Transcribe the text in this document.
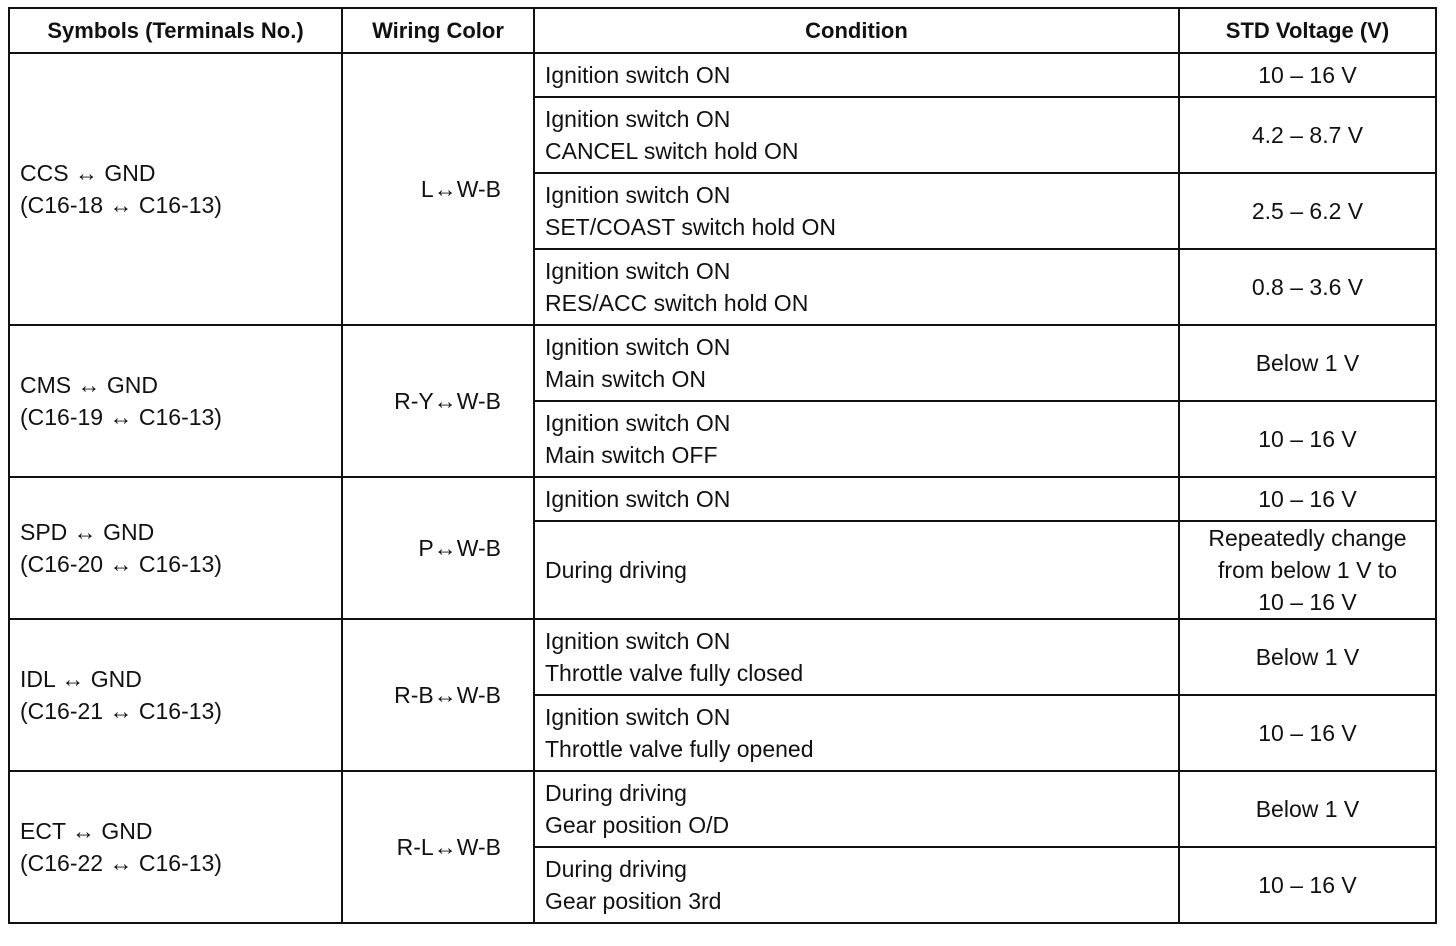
Symbols (Terminals No.)	Wiring Color	Condition	STD Voltage (V)

CCS ↔ GND
(C16-18 ↔ C16-13)	L↔W-B	Ignition switch ON	10 – 16 V

		Ignition switch ON
CANCEL switch hold ON	4.2 – 8.7 V

		Ignition switch ON
SET/COAST switch hold ON	2.5 – 6.2 V

		Ignition switch ON
RES/ACC switch hold ON	0.8 – 3.6 V

CMS ↔ GND
(C16-19 ↔ C16-13)	R-Y↔W-B	Ignition switch ON
Main switch ON	Below 1 V

		Ignition switch ON
Main switch OFF	10 – 16 V

SPD ↔ GND
(C16-20 ↔ C16-13)	P↔W-B	Ignition switch ON	10 – 16 V

		During driving	Repeatedly change
from below 1 V to
10 – 16 V

IDL ↔ GND
(C16-21 ↔ C16-13)	R-B↔W-B	Ignition switch ON
Throttle valve fully closed	Below 1 V

		Ignition switch ON
Throttle valve fully opened	10 – 16 V

ECT ↔ GND
(C16-22 ↔ C16-13)	R-L↔W-B	During driving
Gear position O/D	Below 1 V

		During driving
Gear position 3rd	10 – 16 V
